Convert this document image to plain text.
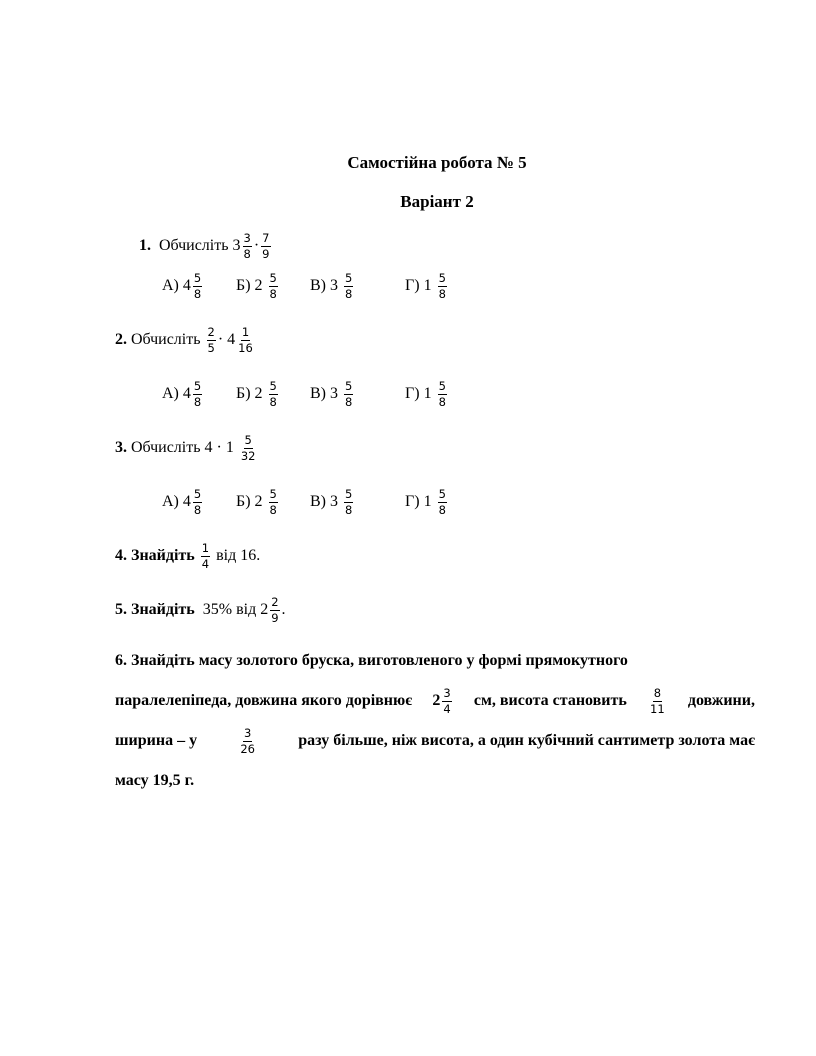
Самостійна робота № 5
Варіант 2
1.
Обчисліть
$3 \frac{3}{8} \cdot \frac{7}{9}$
А)
$4 \frac{5}{8} Б$)
2
$\frac{5}{8} В$)
3
$\frac{5}{8}$	Г)
1
$\frac{5}{8}$
2.
Обчисліть
$\frac{2}{5}$ ·
$4 \frac{1}{16}$
А)
$4 \frac{5}{8} Б$)
2
$\frac{5}{8} В$)
3
$\frac{5}{8}$	Г)
1
$\frac{5}{8}$
3.
Обчисліть
4
·
1
$\frac{5}{32}$
А)
$4 \frac{5}{8} Б$)
2
$\frac{5}{8} В$)
3
$\frac{5}{8}$	Г)
1
$\frac{5}{8}$
4.
Знайдіть
$\frac{1}{4}$
від 16.
5.
Знайдіть
35% від
$2 \frac{2}{9}$ .
6.
Знайдіть масу золотого бруска, виготовленого у формі прямокутного
паралелепіпеда, довжина якого дорівнює $2 \frac{3}{4}$ см, висота становить $\frac{8}{11}$ довжини,
ширина – у	$\frac{3}{26}$	разу більше, ніж висота, а один кубічний сантиметр золота має
масу 19,5 г.
